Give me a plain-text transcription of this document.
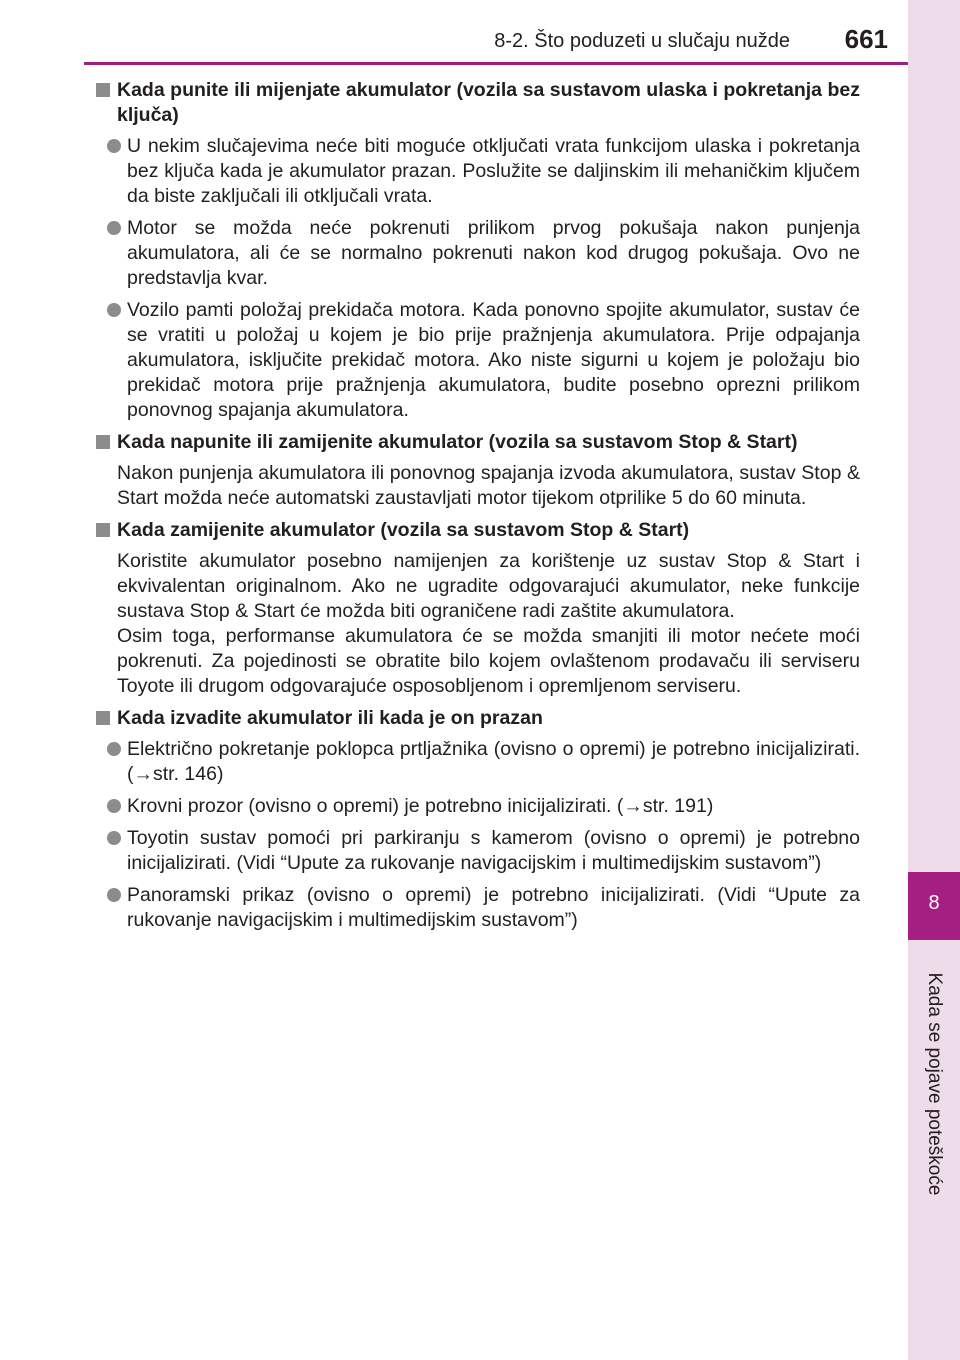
8-2. Što poduzeti u slučaju nužde 661
8
Kada se pojave poteškoće
Kada punite ili mijenjate akumulator (vozila sa sustavom ulaska i pokretanja bez ključa)
U nekim slučajevima neće biti moguće otključati vrata funkcijom ulaska i pokretanja bez ključa kada je akumulator prazan. Poslužite se daljinskim ili mehaničkim ključem da biste zaključali ili otključali vrata.
Motor se možda neće pokrenuti prilikom prvog pokušaja nakon punjenja akumulatora, ali će se normalno pokrenuti nakon kod drugog pokušaja. Ovo ne predstavlja kvar.
Vozilo pamti položaj prekidača motora. Kada ponovno spojite akumulator, sustav će se vratiti u položaj u kojem je bio prije pražnjenja akumulatora. Prije odpajanja akumulatora, isključite prekidač motora. Ako niste sigurni u kojem je položaju bio prekidač motora prije pražnjenja akumulatora, budite posebno oprezni prilikom ponovnog spajanja akumulatora.
Kada napunite ili zamijenite akumulator (vozila sa sustavom Stop & Start)
Nakon punjenja akumulatora ili ponovnog spajanja izvoda akumulatora, sustav Stop & Start možda neće automatski zaustavljati motor tijekom otprilike 5 do 60 minuta.
Kada zamijenite akumulator (vozila sa sustavom Stop & Start)
Koristite akumulator posebno namijenjen za korištenje uz sustav Stop & Start i ekvivalentan originalnom. Ako ne ugradite odgovarajući akumulator, neke funkcije sustava Stop & Start će možda biti ograničene radi zaštite akumulatora.
Osim toga, performanse akumulatora će se možda smanjiti ili motor nećete moći pokrenuti. Za pojedinosti se obratite bilo kojem ovlaštenom prodavaču ili serviseru Toyote ili drugom odgovarajuće osposobljenom i opremljenom serviseru.
Kada izvadite akumulator ili kada je on prazan
Električno pokretanje poklopca prtljažnika (ovisno o opremi) je potrebno inicijalizirati. (→str. 146)
Krovni prozor (ovisno o opremi) je potrebno inicijalizirati. (→str. 191)
Toyotin sustav pomoći pri parkiranju s kamerom (ovisno o opremi) je potrebno inicijalizirati. (Vidi “Upute za rukovanje navigacijskim i multimedijskim sustavom”)
Panoramski prikaz (ovisno o opremi) je potrebno inicijalizirati. (Vidi “Upute za rukovanje navigacijskim i multimedijskim sustavom”)
